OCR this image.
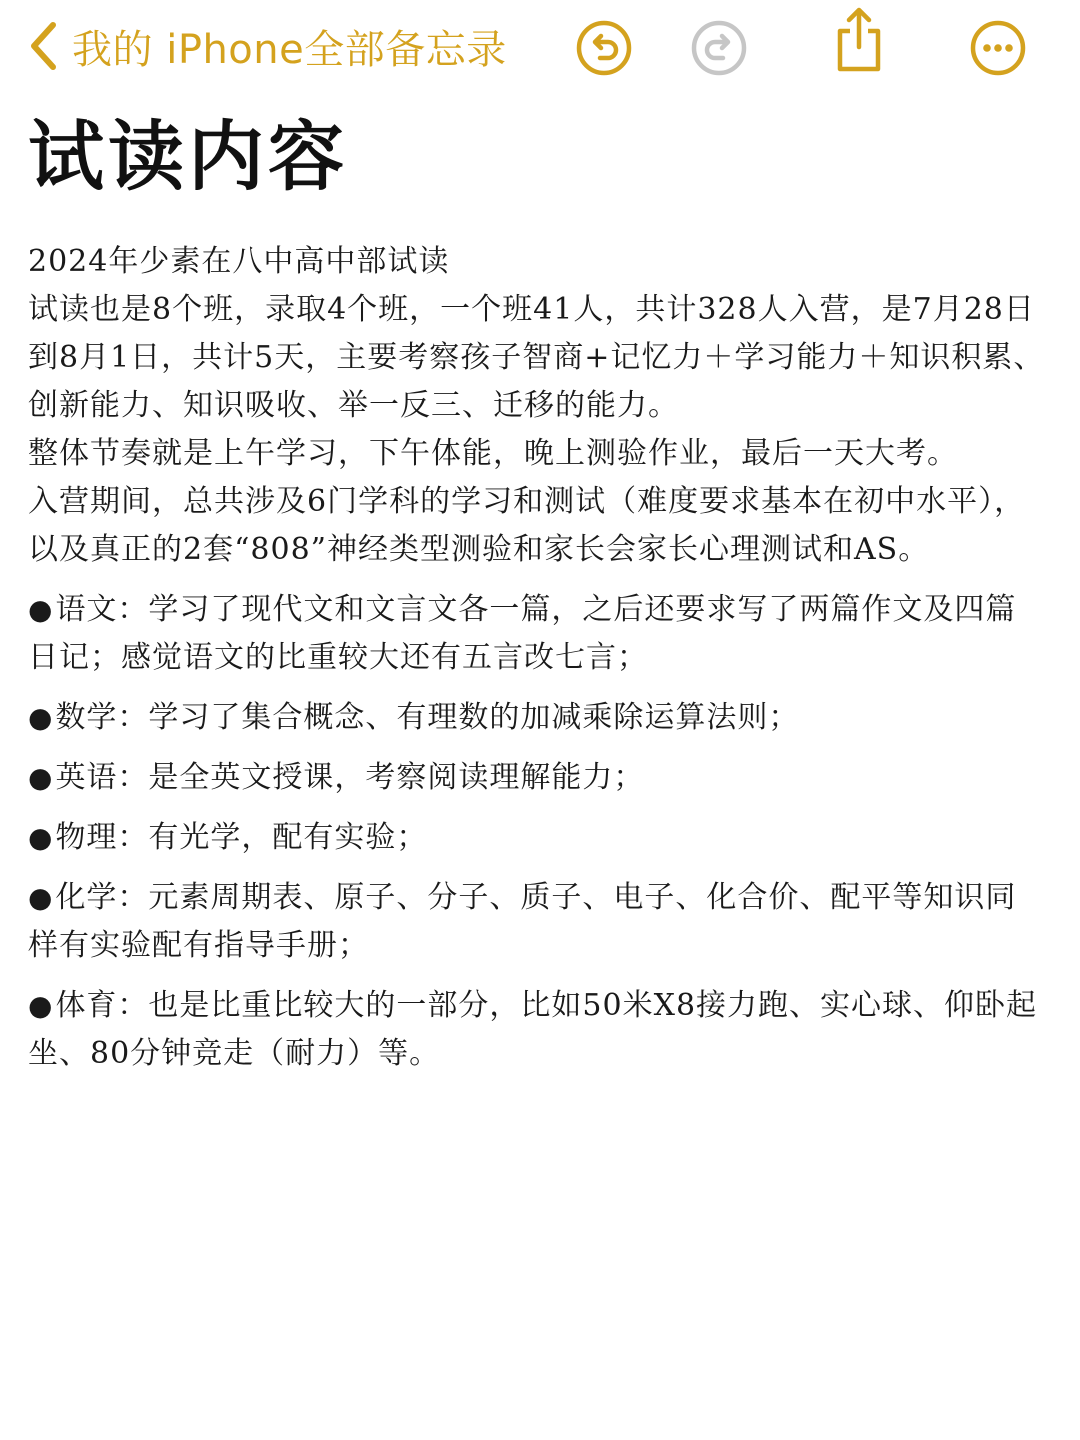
我的 iPhone全部备忘录
试读内容
2024年少素在八中高中部试读
试读也是8个班，录取4个班，一个班41人，共计328人入营，是7月28日
到8月1日，共计5天，主要考察孩子智商+记忆力＋学习能力＋知识积累、
创新能力、知识吸收、举一反三、迁移的能力。
整体节奏就是上午学习，下午体能，晚上测验作业，最后一天大考。
入营期间，总共涉及6门学科的学习和测试（难度要求基本在初中水平），
以及真正的2套“808”神经类型测验和家长会家长心理测试和AS。
●语文：学习了现代文和文言文各一篇，之后还要求写了两篇作文及四篇
日记；感觉语文的比重较大还有五言改七言；
●数学：学习了集合概念、有理数的加减乘除运算法则；
●英语：是全英文授课，考察阅读理解能力；
●物理：有光学，配有实验；
●化学：元素周期表、原子、分子、质子、电子、化合价、配平等知识同
样有实验配有指导手册；
●体育：也是比重比较大的一部分，比如50米X8接力跑、实心球、仰卧起
坐、80分钟竞走（耐力）等。
